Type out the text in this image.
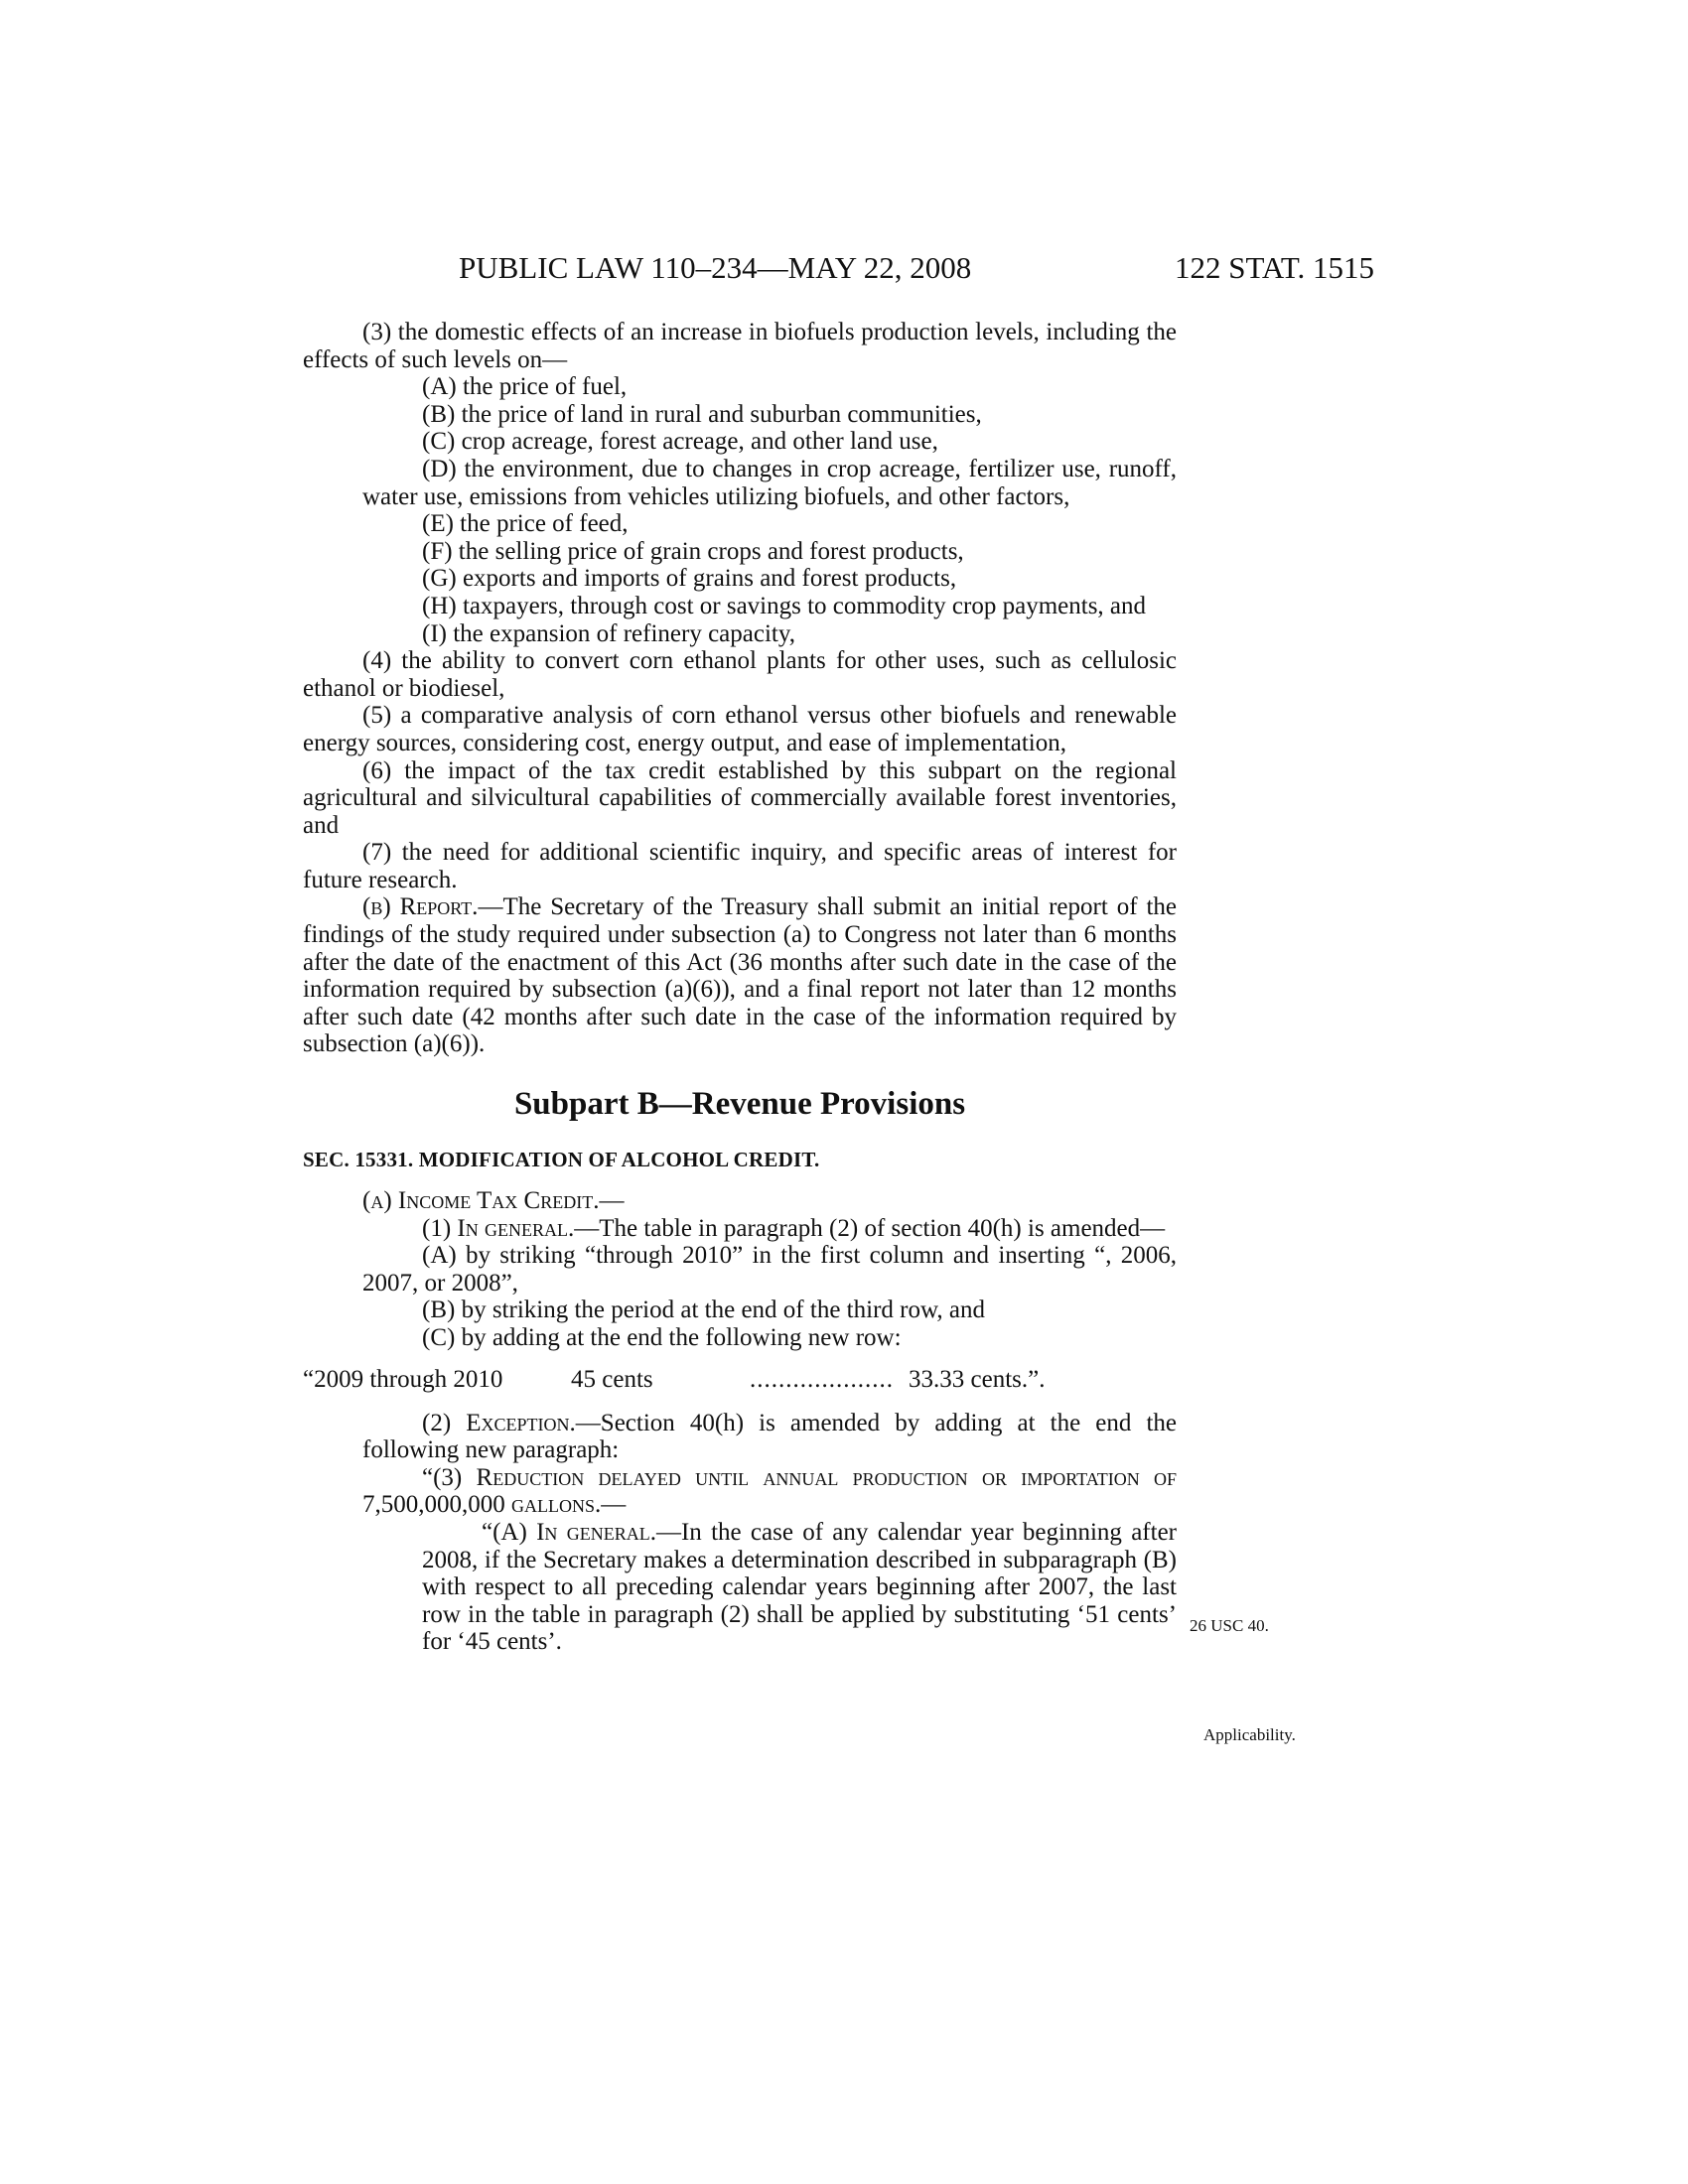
PUBLIC LAW 110–234—MAY 22, 2008	122 STAT. 1515

(3) the domestic effects of an increase in biofuels production levels, including the effects of such levels on—

(A) the price of fuel,

(B) the price of land in rural and suburban communities,

(C) crop acreage, forest acreage, and other land use,

(D) the environment, due to changes in crop acreage, fertilizer use, runoff, water use, emissions from vehicles utilizing biofuels, and other factors,

(E) the price of feed,

(F) the selling price of grain crops and forest products,

(G) exports and imports of grains and forest products,

(H) taxpayers, through cost or savings to commodity crop payments, and

(I) the expansion of refinery capacity,

(4) the ability to convert corn ethanol plants for other uses, such as cellulosic ethanol or biodiesel,

(5) a comparative analysis of corn ethanol versus other biofuels and renewable energy sources, considering cost, energy output, and ease of implementation,

(6) the impact of the tax credit established by this subpart on the regional agricultural and silvicultural capabilities of commercially available forest inventories, and

(7) the need for additional scientific inquiry, and specific areas of interest for future research.

(b) Report.—The Secretary of the Treasury shall submit an initial report of the findings of the study required under subsection (a) to Congress not later than 6 months after the date of the enactment of this Act (36 months after such date in the case of the information required by subsection (a)(6)), and a final report not later than 12 months after such date (42 months after such date in the case of the information required by subsection (a)(6)).

Subpart B—Revenue Provisions
SEC. 15331. MODIFICATION OF ALCOHOL CREDIT.

(a) Income Tax Credit.—

(1) In general.—The table in paragraph (2) of section 40(h) is amended—

(A) by striking “through 2010” in the first column and inserting “, 2006, 2007, or 2008”,

(B) by striking the period at the end of the third row, and

(C) by adding at the end the following new row:

“2009 through 2010	45 cents	.................... 33.33 cents.”.

(2) Exception.—Section 40(h) is amended by adding at the end the following new paragraph:

“(3) Reduction delayed until annual production or importation of 7,500,000,000 gallons.—

“(A) In general.—In the case of any calendar year beginning after 2008, if the Secretary makes a determination described in subparagraph (B) with respect to all preceding calendar years beginning after 2007, the last row in the table in paragraph (2) shall be applied by substituting ‘51 cents’ for ‘45 cents’.

26 USC 40.
Applicability.
